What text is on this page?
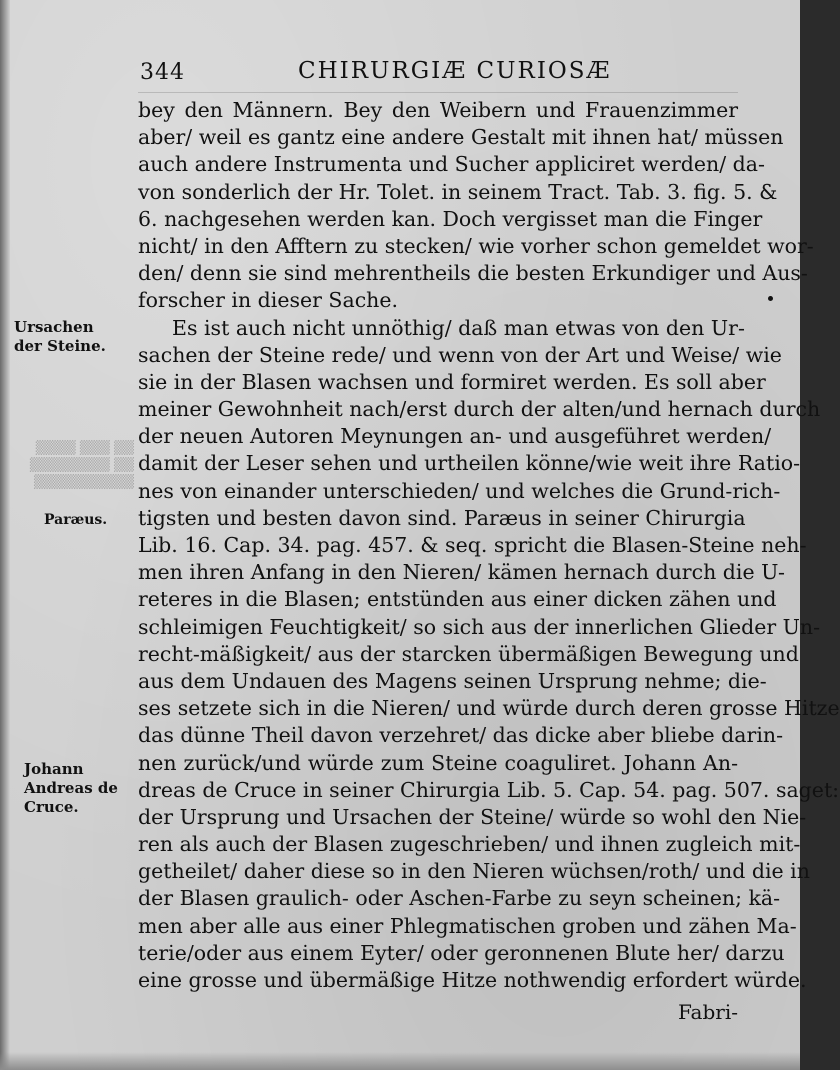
344	CHIRURGIÆ CURIOSÆ
Ursachen der Steine.
Paræus.
Johann Andreas de Cruce.
▒▒ ▒▒▒ ▒▒▒▒
▒▒ ▒▒▒▒▒▒▒▒
▒▒▒▒▒▒▒▒▒▒
bey den Männern. Bey den Weibern und Frauenzimmer
aber/ weil es gantz eine andere Gestalt mit ihnen hat/ müssen
auch andere Instrumenta und Sucher appliciret werden/ da-
von sonderlich der Hr. Tolet. in seinem Tract. Tab. 3. fig. 5. &
6. nachgesehen werden kan. Doch vergisset man die Finger
nicht/ in den Afftern zu stecken/ wie vorher schon gemeldet wor-
den/ denn sie sind mehrentheils die besten Erkundiger und Aus-
forscher in dieser Sache.
Es ist auch nicht unnöthig/ daß man etwas von den Ur-
sachen der Steine rede/ und wenn von der Art und Weise/ wie
sie in der Blasen wachsen und formiret werden. Es soll aber
meiner Gewohnheit nach/erst durch der alten/und hernach durch
der neuen Autoren Meynungen an- und ausgeführet werden/
damit der Leser sehen und urtheilen könne/wie weit ihre Ratio-
nes von einander unterschieden/ und welches die Grund-rich-
tigsten und besten davon sind. Paræus in seiner Chirurgia
Lib. 16. Cap. 34. pag. 457. & seq. spricht die Blasen-Steine neh-
men ihren Anfang in den Nieren/ kämen hernach durch die U-
reteres in die Blasen; entstünden aus einer dicken zähen und
schleimigen Feuchtigkeit/ so sich aus der innerlichen Glieder Un-
recht-mäßigkeit/ aus der starcken übermäßigen Bewegung und
aus dem Undauen des Magens seinen Ursprung nehme; die-
ses setzete sich in die Nieren/ und würde durch deren grosse Hitze
das dünne Theil davon verzehret/ das dicke aber bliebe darin-
nen zurück/und würde zum Steine coaguliret. Johann An-
dreas de Cruce in seiner Chirurgia Lib. 5. Cap. 54. pag. 507. saget:
der Ursprung und Ursachen der Steine/ würde so wohl den Nie-
ren als auch der Blasen zugeschrieben/ und ihnen zugleich mit-
getheilet/ daher diese so in den Nieren wüchsen/roth/ und die in
der Blasen graulich- oder Aschen-Farbe zu seyn scheinen; kä-
men aber alle aus einer Phlegmatischen groben und zähen Ma-
terie/oder aus einem Eyter/ oder geronnenen Blute her/ darzu
eine grosse und übermäßige Hitze nothwendig erfordert würde.
Fabri-
